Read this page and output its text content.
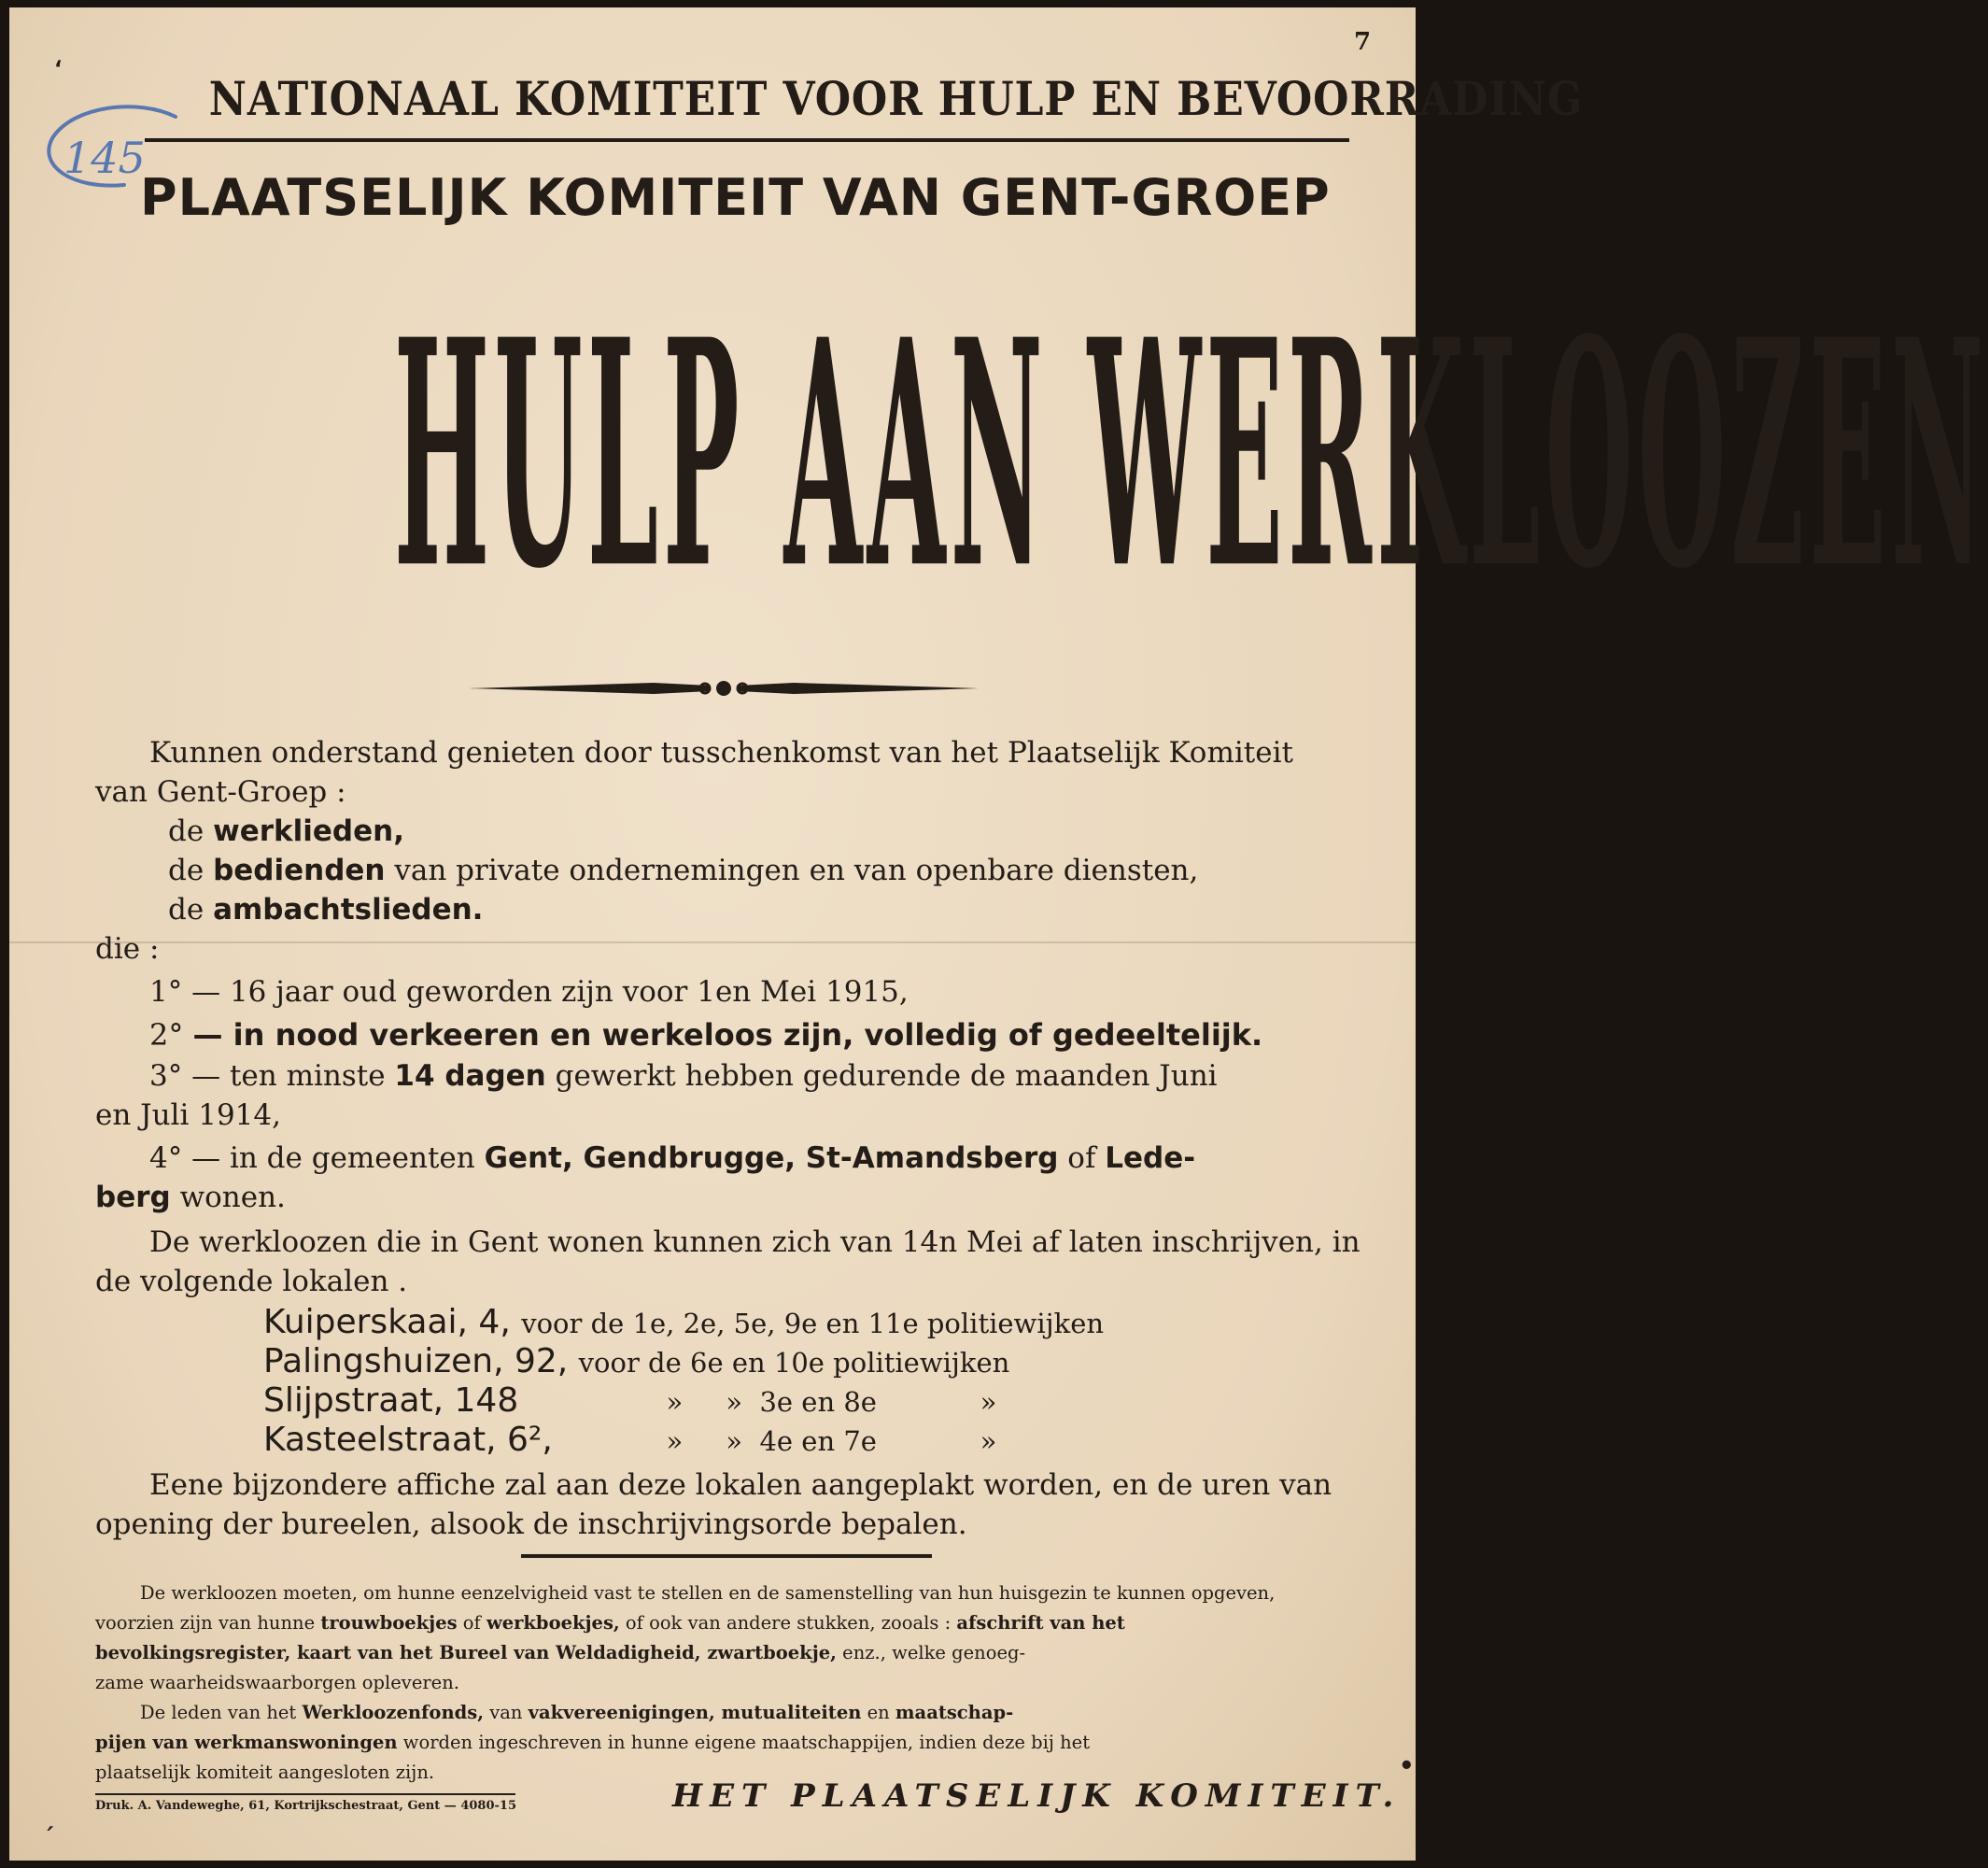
،
7
NATIONAAL KOMITEIT VOOR HULP EN BEVOORRADING
PLAATSELIJK KOMITEIT VAN GENT-GROEP
145
HULP AAN WERKLOOZEN
Kunnen onderstand genieten door tusschenkomst van het Plaatselijk Komiteit
van Gent-Groep :
de werklieden,
de bedienden van private ondernemingen en van openbare diensten,
de ambachtslieden.
die :
1° — 16 jaar oud geworden zijn voor 1en Mei 1915,
2° — in nood verkeeren en werkeloos zijn, volledig of gedeeltelijk.
3° — ten minste 14 dagen gewerkt hebben gedurende de maanden Juni
en Juli 1914,
4° — in de gemeenten Gent, Gendbrugge, St-Amandsberg of Lede-
berg wonen.
De werkloozen die in Gent wonen kunnen zich van 14n Mei af laten inschrijven, in
de volgende lokalen .
Kuiperskaai, 4, voor de 1e, 2e, 5e, 9e en 11e politiewijken
Palingshuizen, 92, voor de 6e en 10e politiewijken
Slijpstraat, 148	»     »  3e en 8e            »
Kasteelstraat, 6²,	»     »  4e en 7e            »
Eene bijzondere affiche zal aan deze lokalen aangeplakt worden, en de uren van
opening der bureelen, alsook de inschrijvingsorde bepalen.
De werkloozen moeten, om hunne eenzelvigheid vast te stellen en de samenstelling van hun huisgezin te kunnen opgeven,
voorzien zijn van hunne trouwboekjes of werkboekjes, of ook van andere stukken, zooals : afschrift van het
bevolkingsregister, kaart van het Bureel van Weldadigheid, zwartboekje, enz., welke genoeg-
zame waarheidswaarborgen opleveren.
De leden van het Werkloozenfonds, van vakvereenigingen, mutualiteiten en maatschap-
pijen van werkmanswoningen worden ingeschreven in hunne eigene maatschappijen, indien deze bij het
plaatselijk komiteit aangesloten zijn.
Druk. A. Vandeweghe, 61, Kortrijkschestraat, Gent — 4080-15	HET PLAATSELIJK KOMITEIT.
•
ˊ
